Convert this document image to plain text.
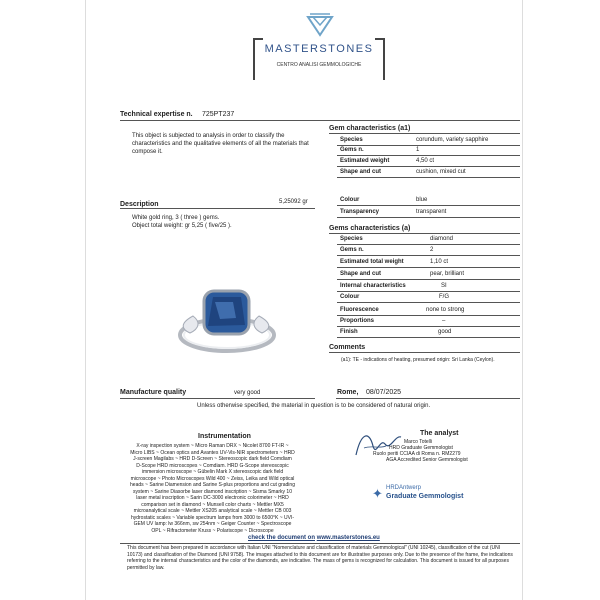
MASTERSTONES
CENTRO ANALISI GEMMOLOGICHE
Technical expertise n. 725PT237
This object is subjected to analysis in order to classify the characteristics and the qualitative elements of all the materials that compose it.
Description	5,25092 gr
White gold ring, 3 ( three ) gems.
Object total weight: gr 5,25 ( five/25 ).
Manufacture quality	very good	Rome, 08/07/2025
Gem characteristics (a1)
Species	corundum, variety sapphire
Gems n.	1
Estimated weight	4,50 ct
Shape and cut	cushion, mixed cut
Colour	blue
Transparency	transparent
Gems characteristics (a)
Species	diamond
Gems n.	2
Estimated total weight	1,10 ct
Shape and cut	pear, brilliant
Internal characteristics	SI
Colour	F/G
Fluorescence	none to strong
Proportions	–
Finish	good
Comments
(a1): TE - indications of heating, presumed origin: Sri Lanka (Ceylon).
Unless otherwise specified, the material in question is to be considered of natural origin.
Instrumentation
X-ray inspection system ~ Micro Raman DRX ~ Nicolet 8700 FT-IR ~ Micro LIBS ~ Ocean optics and Avantes UV-Vis-NIR spectrometers ~ HRD J-screen Magilabs ~ HRD D-Screen ~ Stereoscopic dark field Comdiam D-Scope HRD microscopes ~ Comdiam. HRD G-Scope stereoscopic immersion microscope ~ Gübelin Mark X stereoscopic dark field microscope ~ Photo Microscopes Wild 400 ~ Zeiss, Leika and Wild optical heads ~ Sarine Diamension and Sarine S-plus proportions and cut grading system ~ Sarine Diasorbe laser diamond inscription ~ Sisma Smarky 10 laser metal inscription ~ Sarin DC-3000 electronic colorimeter ~ HRD comparison set in diamond ~ Munsell color charts ~ Mettler MX5 microanalytical scale ~ Mettler XS205 analytical scale ~ Mettler CB 003 hydrostatic scales ~ Variable spectrum lamps from 3000 to 6500°K ~ UVI-GEM UV lamp: lw 366nm, sw 254nm ~ Geiger Counter ~ Spectroscope OPL ~ Rifractometer Kruss ~ Polariscope ~ Dicroscope
The analyst
Marco Totelli
HRD Graduate Gemmologist
Ruolo periti CCIAA di Roma n. RM2279
AGA Accredited Senior Gemmologist
✦ HRDAntwerp
Graduate Gemmologist
check the document on www.masterstones.eu
This document has been prepared in accordance with Italian UNI "Nomenclature and classification of materials Gemmological" (UNI 10245), classification of the cut (UNI 10173) and classification of the Diamond (UNI 9758). The images attached to this document are for illustrative purposes only. Due to the presence of the frame, the indications referring to the internal characteristics and the color of the diamonds, are indicative. The mass of gems is recognized for calculation. This document is issued for all purposes permitted by law.
